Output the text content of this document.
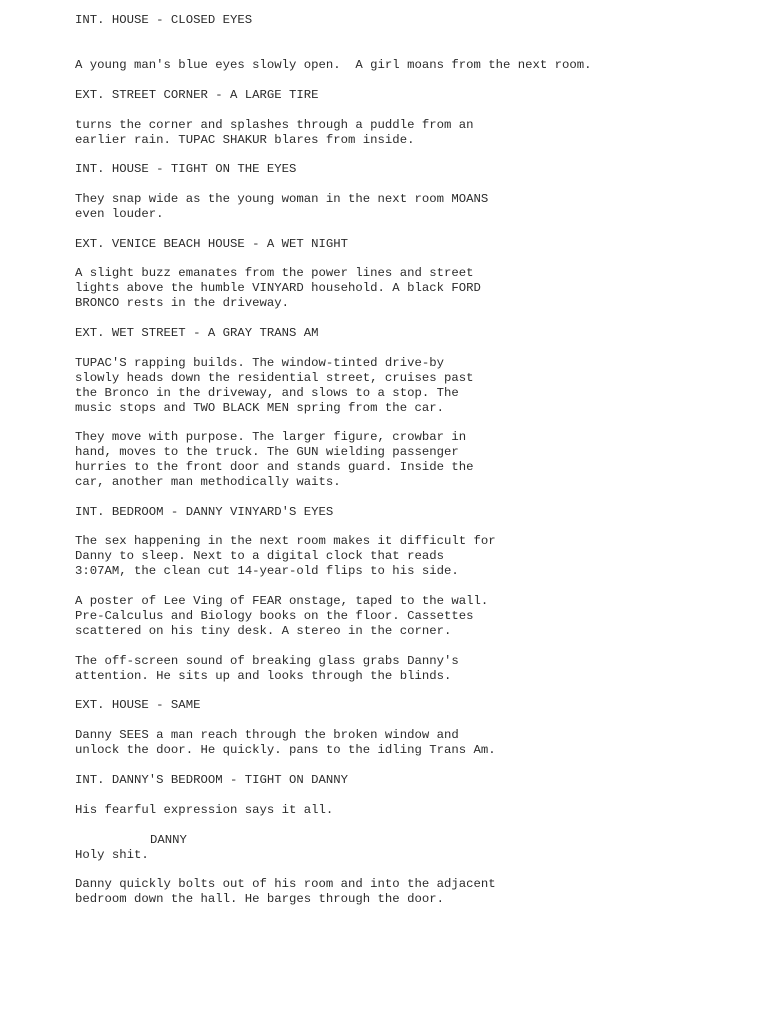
INT. HOUSE - CLOSED EYES

A young man's blue eyes slowly open.  A girl moans from the next room.

EXT. STREET CORNER - A LARGE TIRE

turns the corner and splashes through a puddle from an

earlier rain. TUPAC SHAKUR blares from inside.

INT. HOUSE - TIGHT ON THE EYES

They snap wide as the young woman in the next room MOANS

even louder.

EXT. VENICE BEACH HOUSE - A WET NIGHT

A slight buzz emanates from the power lines and street

lights above the humble VINYARD household. A black FORD

BRONCO rests in the driveway.

EXT. WET STREET - A GRAY TRANS AM

TUPAC'S rapping builds. The window-tinted drive-by

slowly heads down the residential street, cruises past

the Bronco in the driveway, and slows to a stop. The

music stops and TWO BLACK MEN spring from the car.

They move with purpose. The larger figure, crowbar in

hand, moves to the truck. The GUN wielding passenger

hurries to the front door and stands guard. Inside the

car, another man methodically waits.

INT. BEDROOM - DANNY VINYARD'S EYES

The sex happening in the next room makes it difficult for

Danny to sleep. Next to a digital clock that reads

3:07AM, the clean cut 14-year-old flips to his side.

A poster of Lee Ving of FEAR onstage, taped to the wall.

Pre-Calculus and Biology books on the floor. Cassettes

scattered on his tiny desk. A stereo in the corner.

The off-screen sound of breaking glass grabs Danny's

attention. He sits up and looks through the blinds.

EXT. HOUSE - SAME

Danny SEES a man reach through the broken window and

unlock the door. He quickly. pans to the idling Trans Am.

INT. DANNY'S BEDROOM - TIGHT ON DANNY

His fearful expression says it all.

DANNY

Holy shit.

Danny quickly bolts out of his room and into the adjacent

bedroom down the hall. He barges through the door.
